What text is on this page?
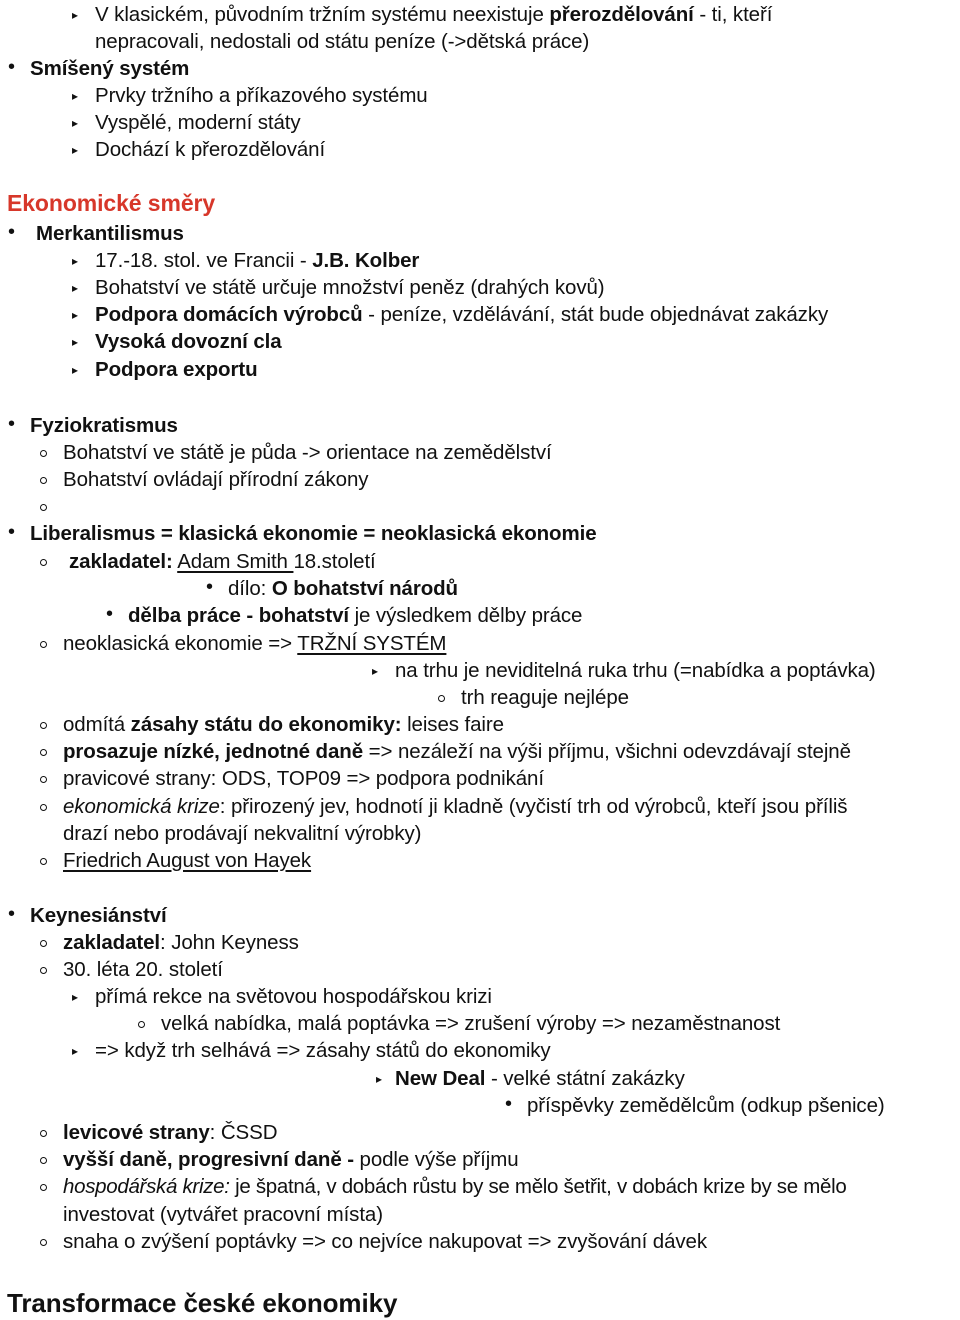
▸ V klasickém, původním tržním systému neexistuje přerozdělování - ti, kteří
nepracovali, nedostali od státu peníze (->dětská práce)
• Smíšený systém
▸ Prvky tržního a příkazového systému
▸ Vyspělé, moderní státy
▸ Dochází k přerozdělování
Ekonomické směry
• Merkantilismus
▸ 17.-18. stol. ve Francii - J.B. Kolber
▸ Bohatství ve státě určuje množství peněz (drahých kovů)
▸ Podpora domácích výrobců - peníze, vzdělávání, stát bude objednávat zakázky
▸ Vysoká dovozní cla
▸ Podpora exportu
• Fyziokratismus
Bohatství ve státě je půda -> orientace na zemědělství
Bohatství ovládají přírodní zákony
• Liberalismus = klasická ekonomie = neoklasická ekonomie
zakladatel: Adam Smith 18.století
• dílo: O bohatství národů
• dělba práce - bohatství je výsledkem dělby práce
neoklasická ekonomie => TRŽNÍ SYSTÉM
▸ na trhu je neviditelná ruka trhu (=nabídka a poptávka)
trh reaguje nejlépe
odmítá zásahy státu do ekonomiky: leises faire
prosazuje nízké, jednotné daně => nezáleží na výši příjmu, všichni odevzdávají stejně
pravicové strany: ODS, TOP09 => podpora podnikání
ekonomická krize: přirozený jev, hodnotí ji kladně (vyčistí trh od výrobců, kteří jsou příliš
drazí nebo prodávají nekvalitní výrobky)
Friedrich August von Hayek
• Keynesiánství
zakladatel: John Keyness
30. léta 20. století
▸ přímá rekce na světovou hospodářskou krizi
velká nabídka, malá poptávka => zrušení výroby => nezaměstnanost
▸ => když trh selhává => zásahy států do ekonomiky
▸ New Deal - velké státní zakázky
• příspěvky zemědělcům (odkup pšenice)
levicové strany: ČSSD
vyšší daně, progresivní daně - podle výše příjmu
hospodářská krize: je špatná, v dobách růstu by se mělo šetřit, v dobách krize by se mělo
investovat (vytvářet pracovní místa)
snaha o zvýšení poptávky => co nejvíce nakupovat => zvyšování dávek
Transformace české ekonomiky
